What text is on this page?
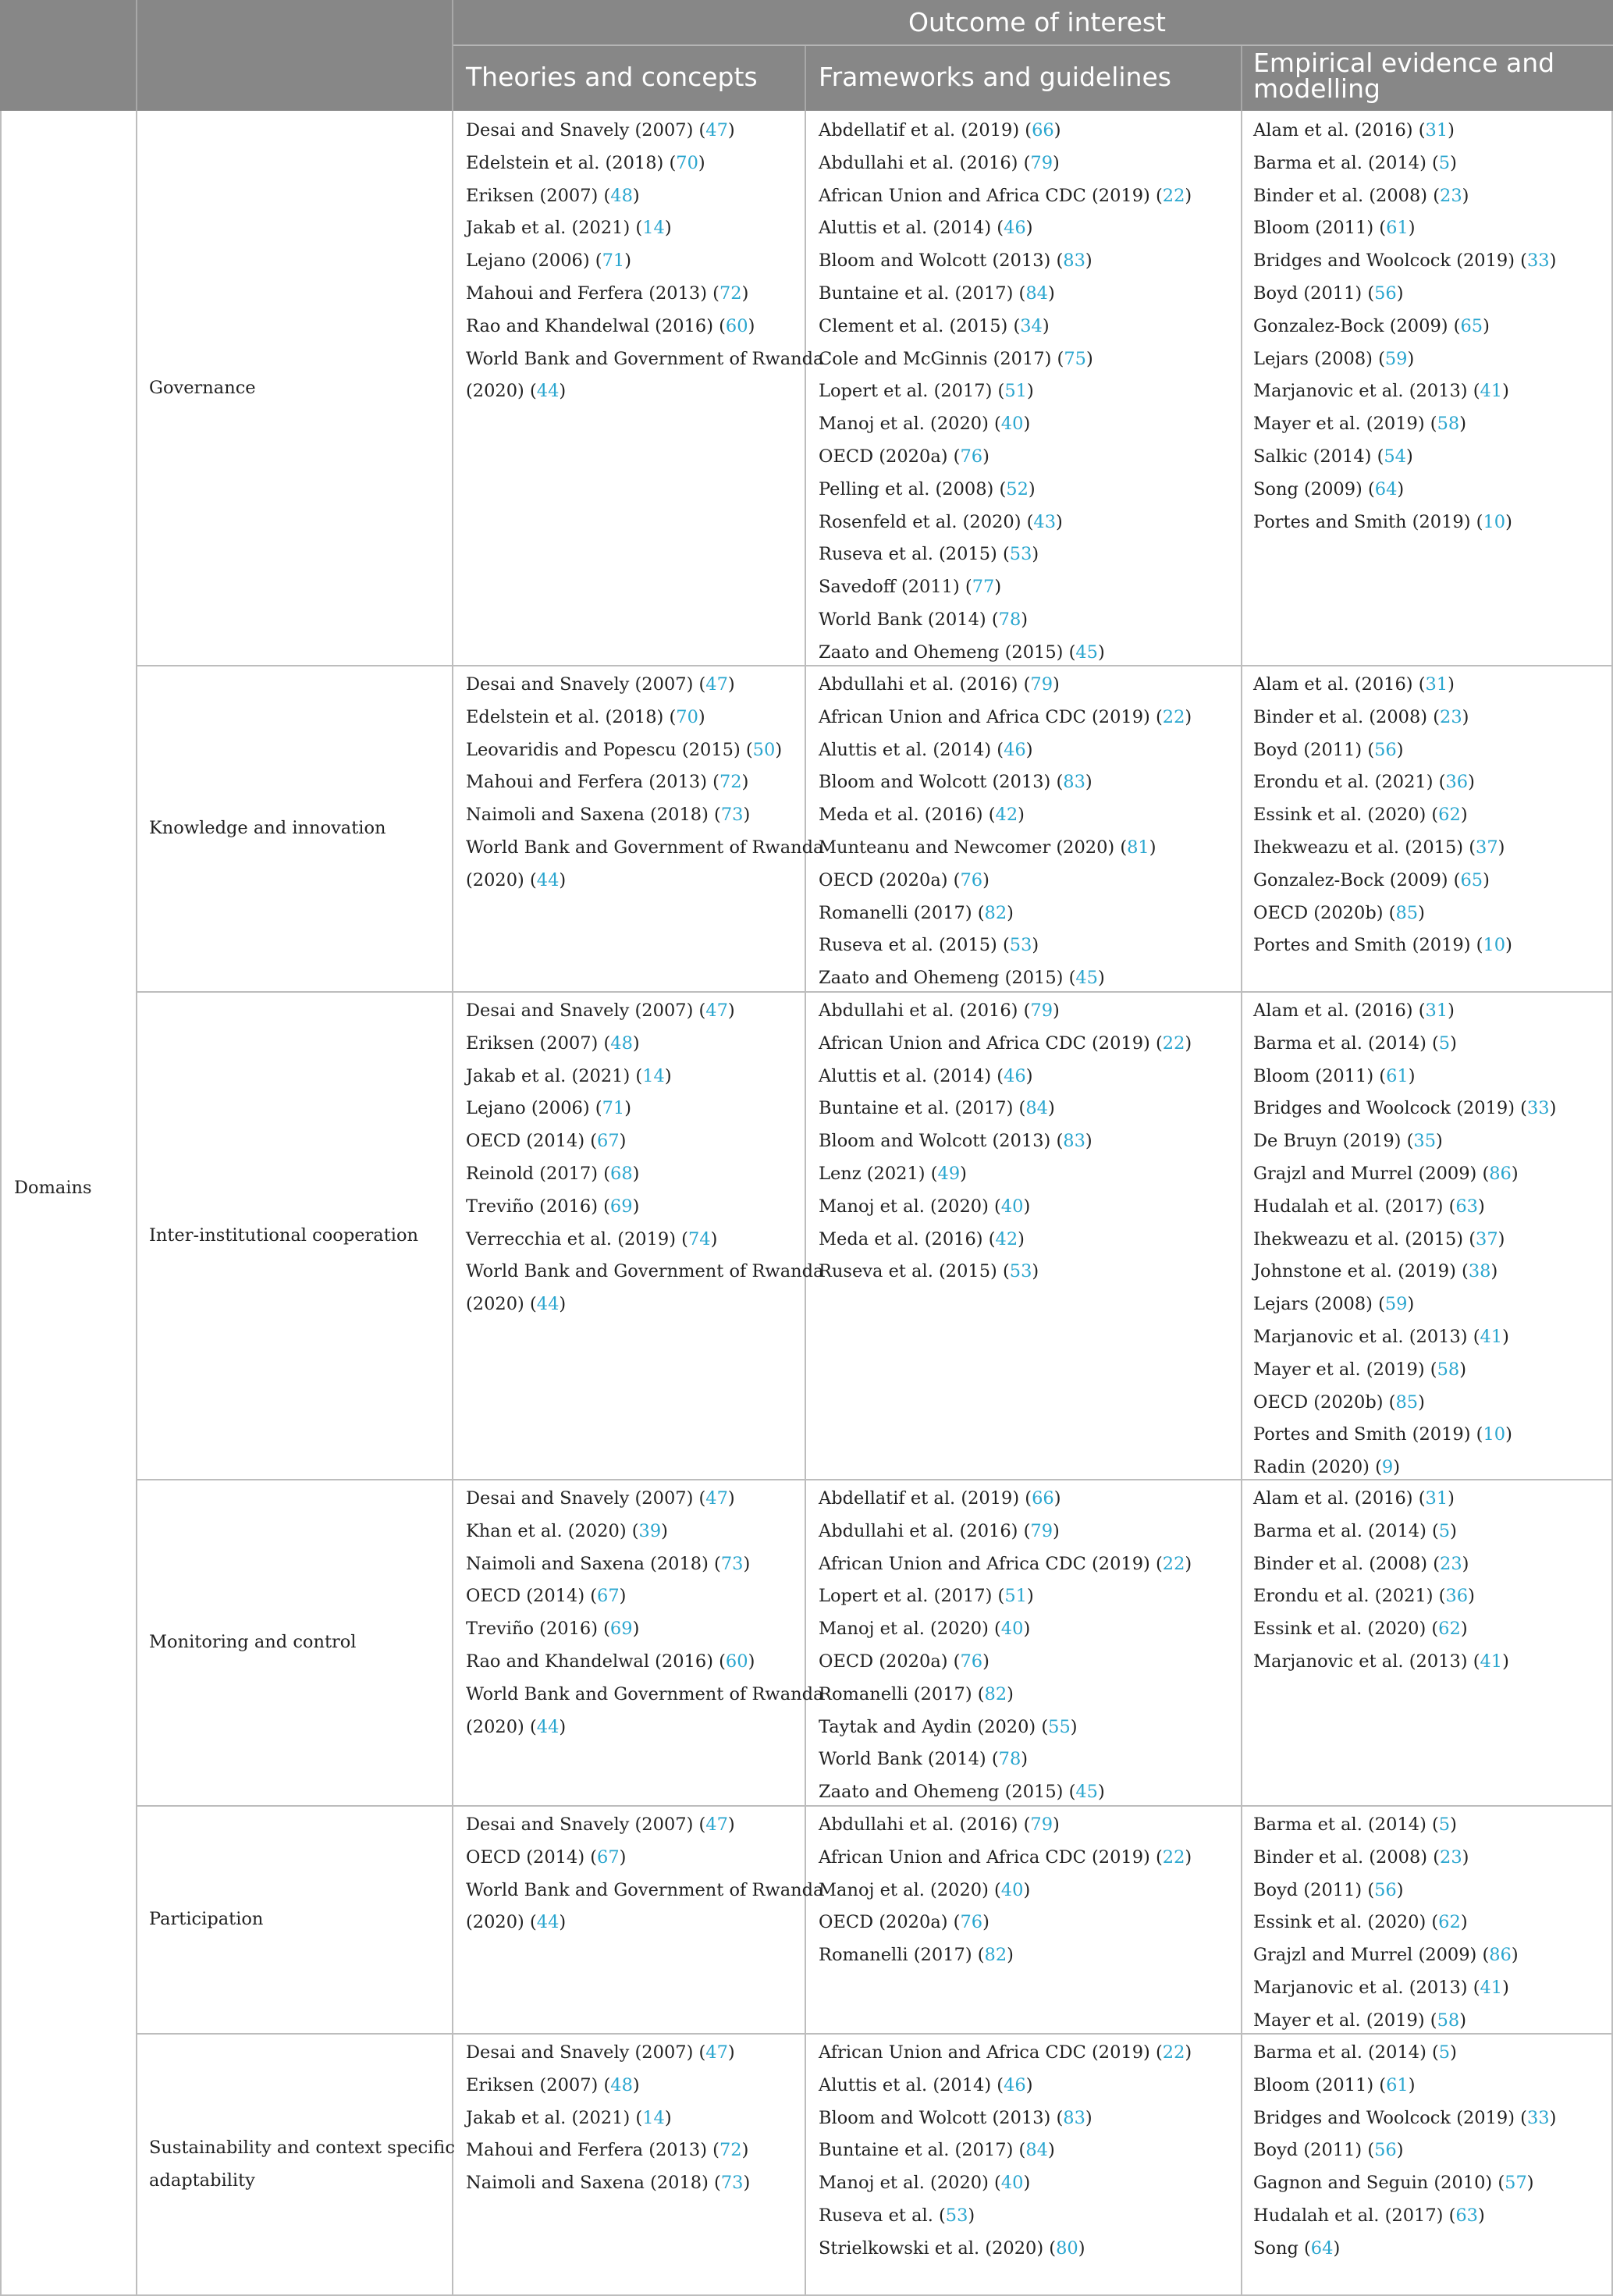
Outcome of interest
Theories and concepts Frameworks and guidelines	Empirical evidence and
modelling
Domains
Governance
Desai and Snavely (2007) (47)
Edelstein et al. (2018) (70)
Eriksen (2007) (48)
Jakab et al. (2021) (14)
Lejano (2006) (71)
Mahoui and Ferfera (2013) (72)
Rao and Khandelwal (2016) (60)
World Bank and Government of Rwanda
(2020) (44)
Abdellatif et al. (2019) (66)
Abdullahi et al. (2016) (79)
African Union and Africa CDC (2019) (22)
Aluttis et al. (2014) (46)
Bloom and Wolcott (2013) (83)
Buntaine et al. (2017) (84)
Clement et al. (2015) (34)
Cole and McGinnis (2017) (75)
Lopert et al. (2017) (51)
Manoj et al. (2020) (40)
OECD (2020a) (76)
Pelling et al. (2008) (52)
Rosenfeld et al. (2020) (43)
Ruseva et al. (2015) (53)
Savedoff (2011) (77)
World Bank (2014) (78)
Zaato and Ohemeng (2015) (45)
Alam et al. (2016) (31)
Barma et al. (2014) (5)
Binder et al. (2008) (23)
Bloom (2011) (61)
Bridges and Woolcock (2019) (33)
Boyd (2011) (56)
Gonzalez-Bock (2009) (65)
Lejars (2008) (59)
Marjanovic et al. (2013) (41)
Mayer et al. (2019) (58)
Salkic (2014) (54)
Song (2009) (64)
Portes and Smith (2019) (10)
Knowledge and innovation
Desai and Snavely (2007) (47)
Edelstein et al. (2018) (70)
Leovaridis and Popescu (2015) (50)
Mahoui and Ferfera (2013) (72)
Naimoli and Saxena (2018) (73)
World Bank and Government of Rwanda
(2020) (44)
Abdullahi et al. (2016) (79)
African Union and Africa CDC (2019) (22)
Aluttis et al. (2014) (46)
Bloom and Wolcott (2013) (83)
Meda et al. (2016) (42)
Munteanu and Newcomer (2020) (81)
OECD (2020a) (76)
Romanelli (2017) (82)
Ruseva et al. (2015) (53)
Zaato and Ohemeng (2015) (45)
Alam et al. (2016) (31)
Binder et al. (2008) (23)
Boyd (2011) (56)
Erondu et al. (2021) (36)
Essink et al. (2020) (62)
Ihekweazu et al. (2015) (37)
Gonzalez-Bock (2009) (65)
OECD (2020b) (85)
Portes and Smith (2019) (10)
Inter-institutional cooperation
Desai and Snavely (2007) (47)
Eriksen (2007) (48)
Jakab et al. (2021) (14)
Lejano (2006) (71)
OECD (2014) (67)
Reinold (2017) (68)
Treviño (2016) (69)
Verrecchia et al. (2019) (74)
World Bank and Government of Rwanda
(2020) (44)
Abdullahi et al. (2016) (79)
African Union and Africa CDC (2019) (22)
Aluttis et al. (2014) (46)
Buntaine et al. (2017) (84)
Bloom and Wolcott (2013) (83)
Lenz (2021) (49)
Manoj et al. (2020) (40)
Meda et al. (2016) (42)
Ruseva et al. (2015) (53)
Alam et al. (2016) (31)
Barma et al. (2014) (5)
Bloom (2011) (61)
Bridges and Woolcock (2019) (33)
De Bruyn (2019) (35)
Grajzl and Murrel (2009) (86)
Hudalah et al. (2017) (63)
Ihekweazu et al. (2015) (37)
Johnstone et al. (2019) (38)
Lejars (2008) (59)
Marjanovic et al. (2013) (41)
Mayer et al. (2019) (58)
OECD (2020b) (85)
Portes and Smith (2019) (10)
Radin (2020) (9)
Monitoring and control
Desai and Snavely (2007) (47)
Khan et al. (2020) (39)
Naimoli and Saxena (2018) (73)
OECD (2014) (67)
Treviño (2016) (69)
Rao and Khandelwal (2016) (60)
World Bank and Government of Rwanda
(2020) (44)
Abdellatif et al. (2019) (66)
Abdullahi et al. (2016) (79)
African Union and Africa CDC (2019) (22)
Lopert et al. (2017) (51)
Manoj et al. (2020) (40)
OECD (2020a) (76)
Romanelli (2017) (82)
Taytak and Aydin (2020) (55)
World Bank (2014) (78)
Zaato and Ohemeng (2015) (45)
Alam et al. (2016) (31)
Barma et al. (2014) (5)
Binder et al. (2008) (23)
Erondu et al. (2021) (36)
Essink et al. (2020) (62)
Marjanovic et al. (2013) (41)
Participation
Desai and Snavely (2007) (47)
OECD (2014) (67)
World Bank and Government of Rwanda
(2020) (44)
Abdullahi et al. (2016) (79)
African Union and Africa CDC (2019) (22)
Manoj et al. (2020) (40)
OECD (2020a) (76)
Romanelli (2017) (82)
Barma et al. (2014) (5)
Binder et al. (2008) (23)
Boyd (2011) (56)
Essink et al. (2020) (62)
Grajzl and Murrel (2009) (86)
Marjanovic et al. (2013) (41)
Mayer et al. (2019) (58)
Sustainability and context specific
adaptability
Desai and Snavely (2007) (47)
Eriksen (2007) (48)
Jakab et al. (2021) (14)
Mahoui and Ferfera (2013) (72)
Naimoli and Saxena (2018) (73)
African Union and Africa CDC (2019) (22)
Aluttis et al. (2014) (46)
Bloom and Wolcott (2013) (83)
Buntaine et al. (2017) (84)
Manoj et al. (2020) (40)
Ruseva et al. (53)
Strielkowski et al. (2020) (80)
Barma et al. (2014) (5)
Bloom (2011) (61)
Bridges and Woolcock (2019) (33)
Boyd (2011) (56)
Gagnon and Seguin (2010) (57)
Hudalah et al. (2017) (63)
Song (64)
